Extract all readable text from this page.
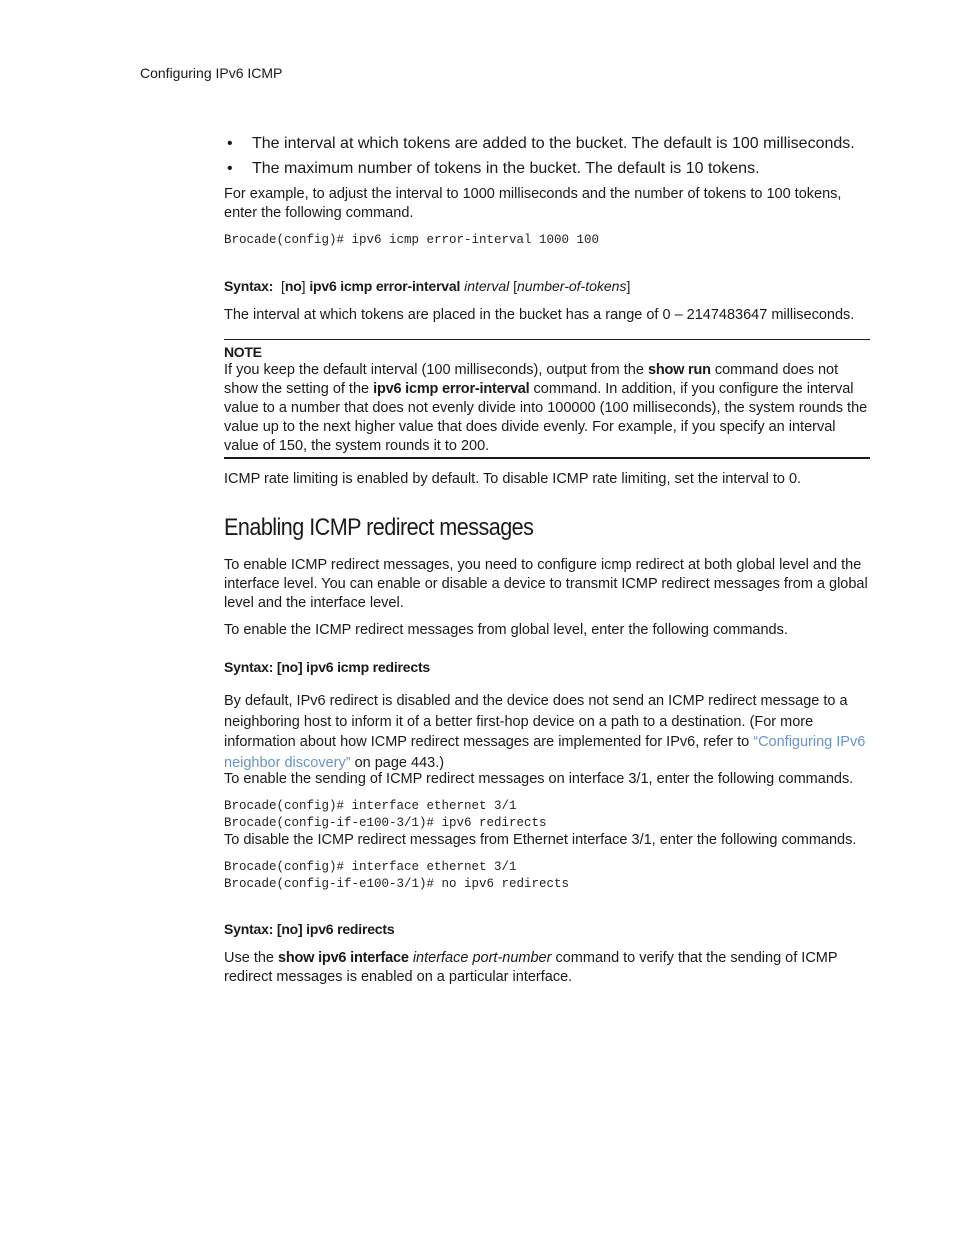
Configuring IPv6 ICMP
• The interval at which tokens are added to the bucket. The default is 100 milliseconds.
• The maximum number of tokens in the bucket. The default is 10 tokens.
For example, to adjust the interval to 1000 milliseconds and the number of tokens to 100 tokens, enter the following command.
Brocade(config)# ipv6 icmp error-interval 1000 100
Syntax: [no] ipv6 icmp error-interval interval [number-of-tokens]
The interval at which tokens are placed in the bucket has a range of 0 – 2147483647 milliseconds.
NOTE
If you keep the default interval (100 milliseconds), output from the show run command does not show the setting of the ipv6 icmp error-interval command. In addition, if you configure the interval value to a number that does not evenly divide into 100000 (100 milliseconds), the system rounds the value up to the next higher value that does divide evenly. For example, if you specify an interval value of 150, the system rounds it to 200.
ICMP rate limiting is enabled by default. To disable ICMP rate limiting, set the interval to 0.
Enabling ICMP redirect messages
To enable ICMP redirect messages, you need to configure icmp redirect at both global level and the interface level. You can enable or disable a device to transmit ICMP redirect messages from a global level and the interface level.
To enable the ICMP redirect messages from global level, enter the following commands.
Syntax: [no] ipv6 icmp redirects
By default, IPv6 redirect is disabled and the device does not send an ICMP redirect message to a neighboring host to inform it of a better first-hop device on a path to a destination. (For more information about how ICMP redirect messages are implemented for IPv6, refer to “Configuring IPv6 neighbor discovery” on page 443.)
To enable the sending of ICMP redirect messages on interface 3/1, enter the following commands.
Brocade(config)# interface ethernet 3/1
Brocade(config-if-e100-3/1)# ipv6 redirects
To disable the ICMP redirect messages from Ethernet interface 3/1, enter the following commands.
Brocade(config)# interface ethernet 3/1
Brocade(config-if-e100-3/1)# no ipv6 redirects
Syntax: [no] ipv6 redirects
Use the show ipv6 interface interface port-number command to verify that the sending of ICMP redirect messages is enabled on a particular interface.
